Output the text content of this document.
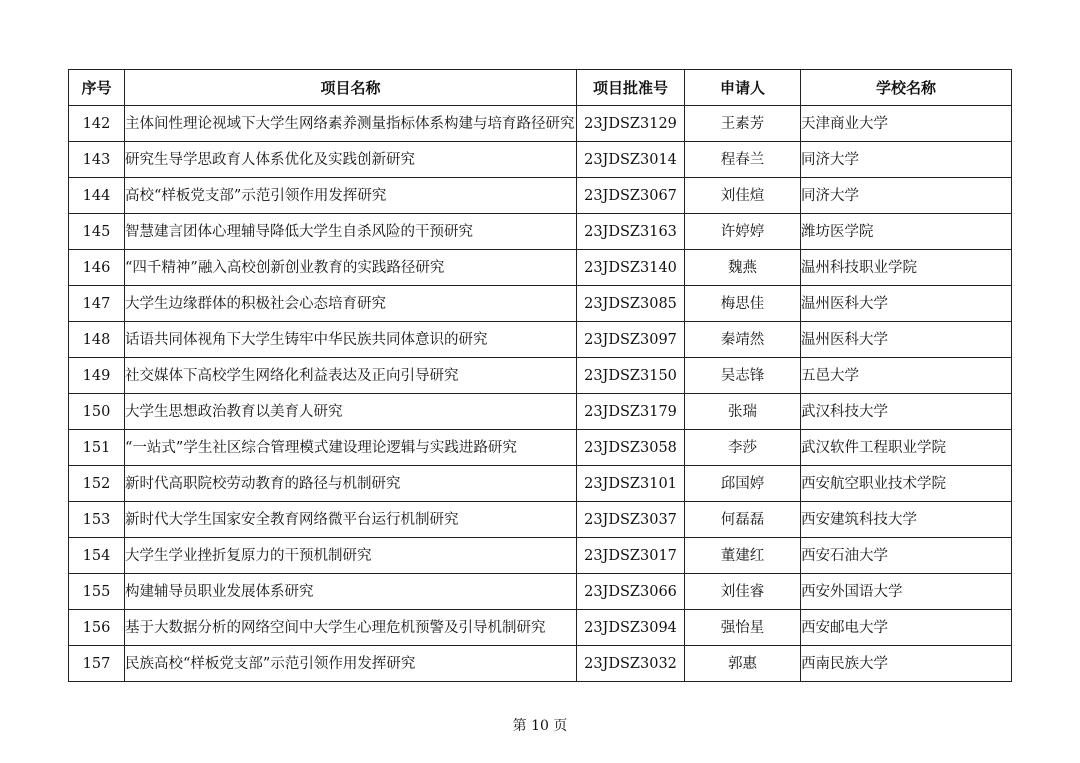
序号	项目名称	项目批准号	申请人	学校名称
142	主体间性理论视域下大学生网络素养测量指标体系构建与培育路径研究	23JDSZ3129	王素芳	天津商业大学
143	研究生导学思政育人体系优化及实践创新研究	23JDSZ3014	程春兰	同济大学
144	高校“样板党支部”示范引领作用发挥研究	23JDSZ3067	刘佳煊	同济大学
145	智慧建言团体心理辅导降低大学生自杀风险的干预研究	23JDSZ3163	许婷婷	潍坊医学院
146	“四千精神”融入高校创新创业教育的实践路径研究	23JDSZ3140	魏燕	温州科技职业学院
147	大学生边缘群体的积极社会心态培育研究	23JDSZ3085	梅思佳	温州医科大学
148	话语共同体视角下大学生铸牢中华民族共同体意识的研究	23JDSZ3097	秦靖然	温州医科大学
149	社交媒体下高校学生网络化利益表达及正向引导研究	23JDSZ3150	吴志锋	五邑大学
150	大学生思想政治教育以美育人研究	23JDSZ3179	张瑞	武汉科技大学
151	“一站式”学生社区综合管理模式建设理论逻辑与实践进路研究	23JDSZ3058	李莎	武汉软件工程职业学院
152	新时代高职院校劳动教育的路径与机制研究	23JDSZ3101	邱国婷	西安航空职业技术学院
153	新时代大学生国家安全教育网络微平台运行机制研究	23JDSZ3037	何磊磊	西安建筑科技大学
154	大学生学业挫折复原力的干预机制研究	23JDSZ3017	董建红	西安石油大学
155	构建辅导员职业发展体系研究	23JDSZ3066	刘佳睿	西安外国语大学
156	基于大数据分析的网络空间中大学生心理危机预警及引导机制研究	23JDSZ3094	强怡星	西安邮电大学
157	民族高校“样板党支部”示范引领作用发挥研究	23JDSZ3032	郭惠	西南民族大学
第 10 页
